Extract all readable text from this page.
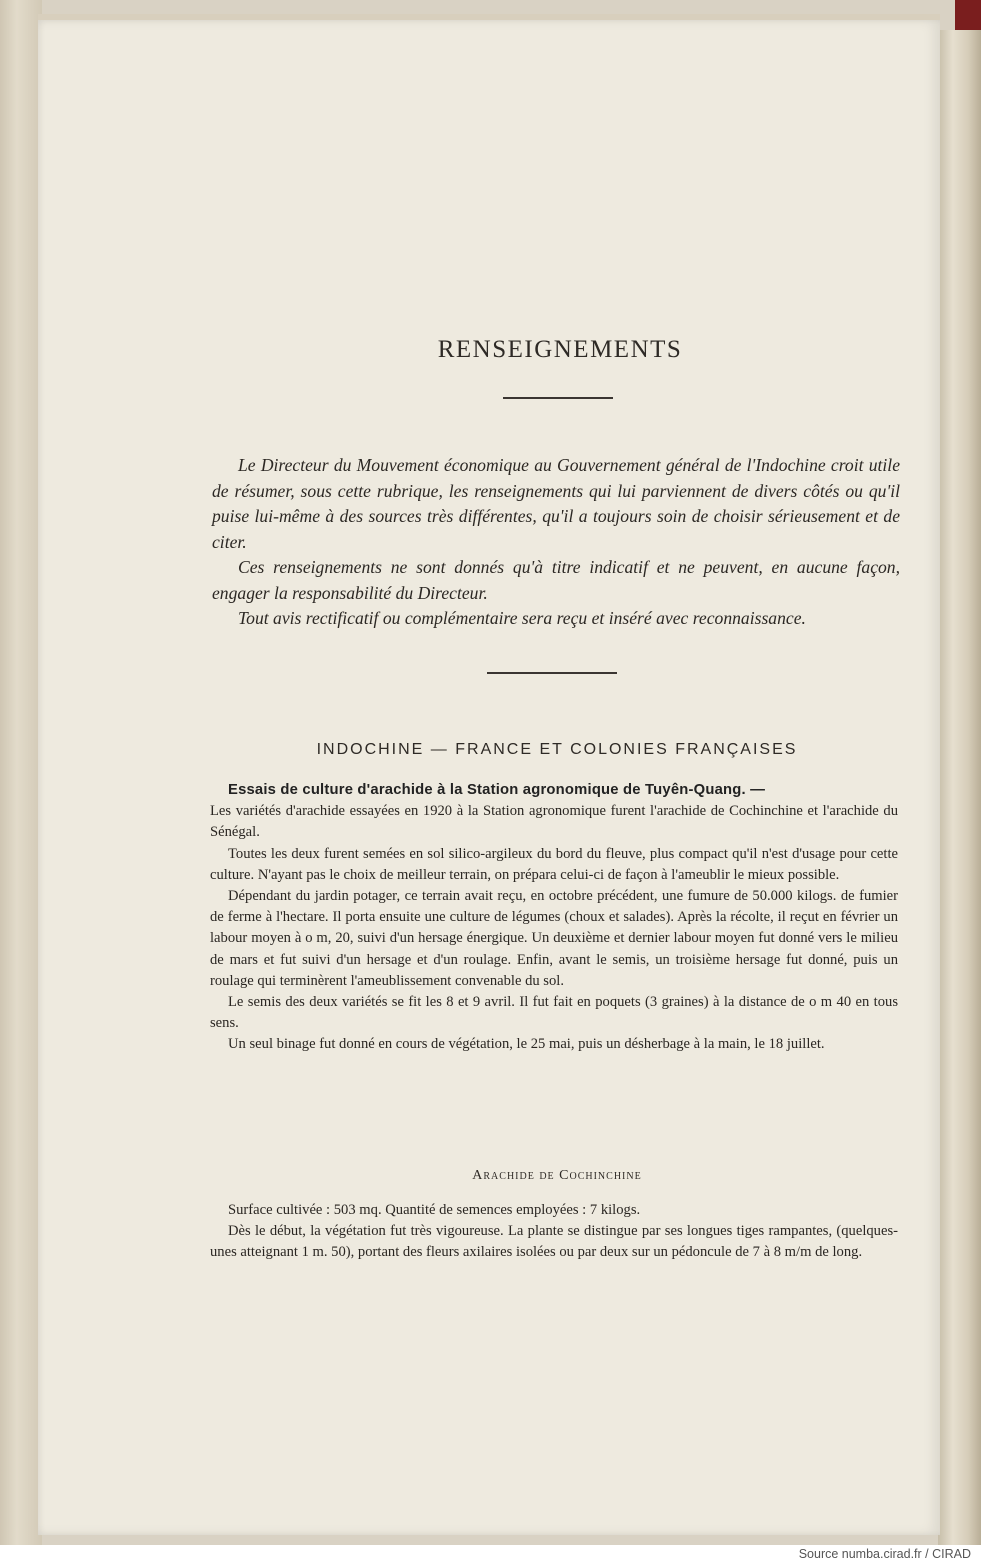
RENSEIGNEMENTS

Le Directeur du Mouvement économique au Gouvernement général de l'Indochine croit utile de résumer, sous cette rubrique, les renseignements qui lui parviennent de divers côtés ou qu'il puise lui-même à des sources très différentes, qu'il a toujours soin de choisir sérieusement et de citer.

Ces renseignements ne sont donnés qu'à titre indicatif et ne peuvent, en aucune façon, engager la responsabilité du Directeur.

Tout avis rectificatif ou complémentaire sera reçu et inséré avec reconnaissance.

INDOCHINE — FRANCE ET COLONIES FRANÇAISES
Essais de culture d'arachide à la Station agronomique de Tuyên-Quang. —

Les variétés d'arachide essayées en 1920 à la Station agronomique furent l'arachide de Cochinchine et l'arachide du Sénégal.

Toutes les deux furent semées en sol silico-argileux du bord du fleuve, plus compact qu'il n'est d'usage pour cette culture. N'ayant pas le choix de meilleur terrain, on prépara celui-ci de façon à l'ameublir le mieux possible.

Dépendant du jardin potager, ce terrain avait reçu, en octobre précédent, une fumure de 50.000 kilogs. de fumier de ferme à l'hectare. Il porta ensuite une culture de légumes (choux et salades). Après la récolte, il reçut en février un labour moyen à o m, 20, suivi d'un hersage énergique. Un deuxième et dernier labour moyen fut donné vers le milieu de mars et fut suivi d'un hersage et d'un roulage. Enfin, avant le semis, un troisième hersage fut donné, puis un roulage qui terminèrent l'ameublissement convenable du sol.

Le semis des deux variétés se fit les 8 et 9 avril. Il fut fait en poquets (3 graines) à la distance de o m 40 en tous sens.

Un seul binage fut donné en cours de végétation, le 25 mai, puis un désherbage à la main, le 18 juillet.

Arachide de Cochinchine

Surface cultivée : 503 mq. Quantité de semences employées : 7 kilogs.

Dès le début, la végétation fut très vigoureuse. La plante se distingue par ses longues tiges rampantes, (quelques-unes atteignant 1 m. 50), portant des fleurs axilaires isolées ou par deux sur un pédoncule de 7 à 8 m/m de long.

Source numba.cirad.fr / CIRAD
